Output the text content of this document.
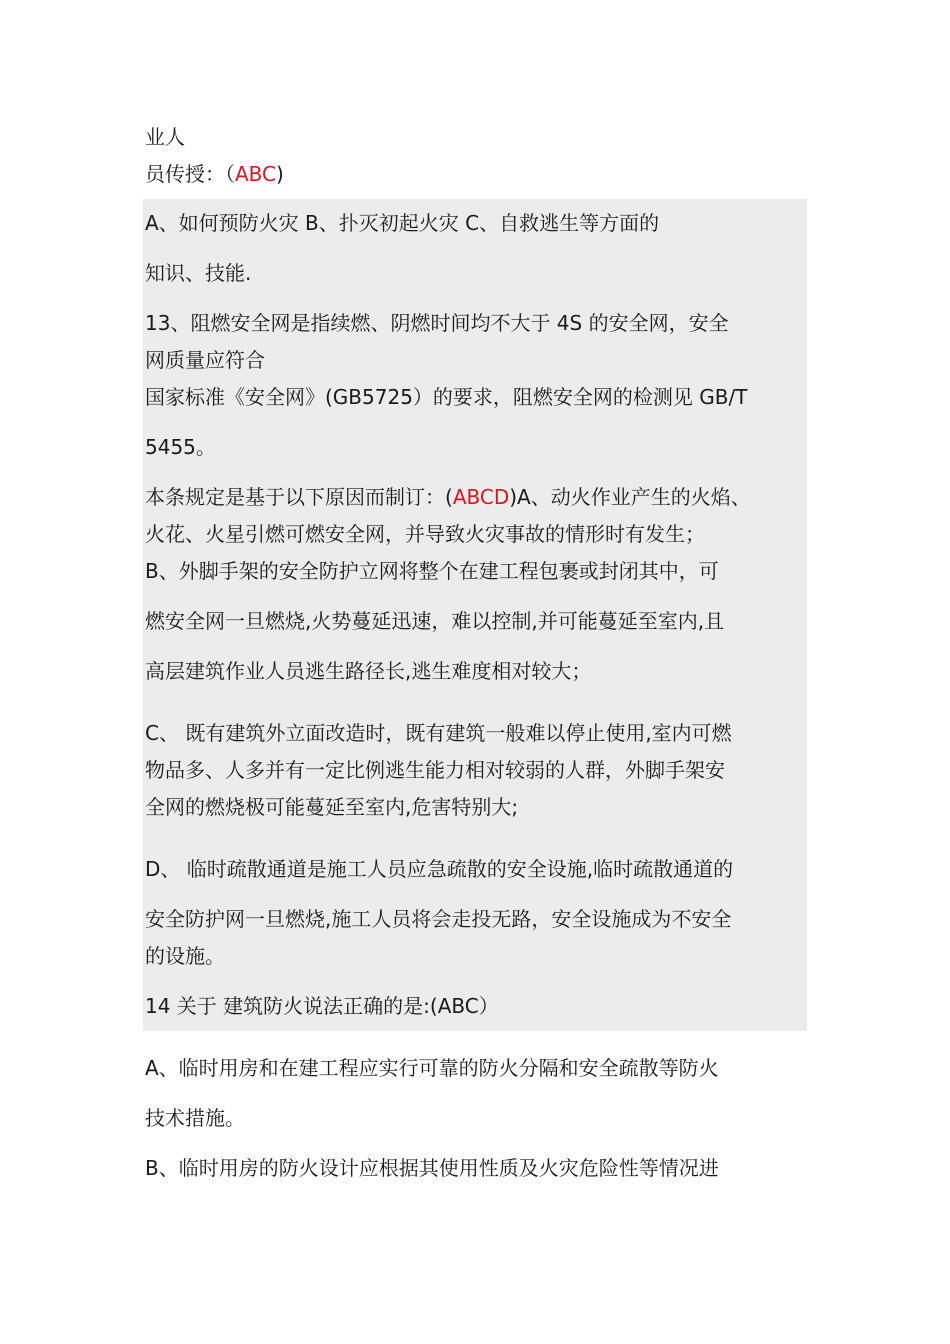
业人
员传授：（ABC)
A、如何预防火灾 B、扑灭初起火灾 C、自救逃生等方面的
知识、技能.
13、阻燃安全网是指续燃、阴燃时间均不大于 4S 的安全网，安全
网质量应符合
国家标准《安全网》(GB5725）的要求，阻燃安全网的检测见 GB/T
5455。
本条规定是基于以下原因而制订：(ABCD)A、动火作业产生的火焰、
火花、火星引燃可燃安全网，并导致火灾事故的情形时有发生；
B、外脚手架的安全防护立网将整个在建工程包裹或封闭其中，可
燃安全网一旦燃烧,火势蔓延迅速，难以控制,并可能蔓延至室内,且
高层建筑作业人员逃生路径长,逃生难度相对较大；
C、 既有建筑外立面改造时，既有建筑一般难以停止使用,室内可燃
物品多、人多并有一定比例逃生能力相对较弱的人群，外脚手架安
全网的燃烧极可能蔓延至室内,危害特别大;
D、 临时疏散通道是施工人员应急疏散的安全设施,临时疏散通道的
安全防护网一旦燃烧,施工人员将会走投无路，安全设施成为不安全
的设施。
14 关于 建筑防火说法正确的是:(ABC）
A、临时用房和在建工程应实行可靠的防火分隔和安全疏散等防火
技术措施。
B、临时用房的防火设计应根据其使用性质及火灾危险性等情况进
